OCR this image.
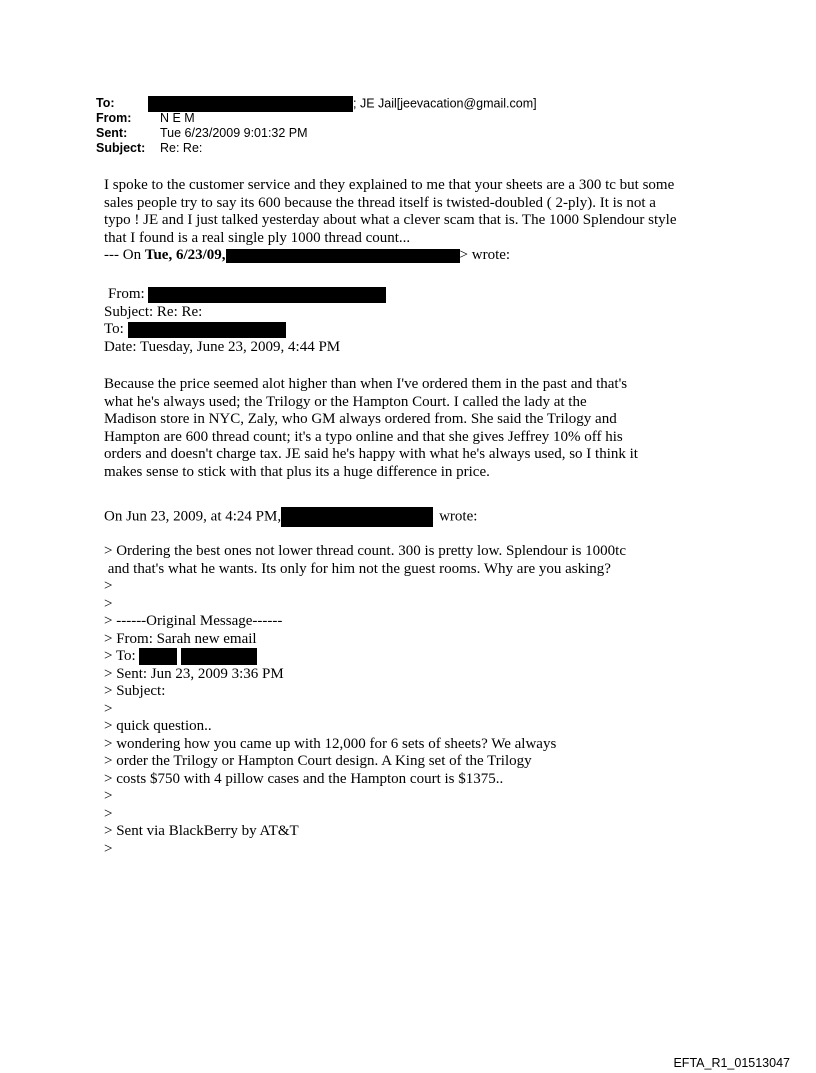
To:	; JE Jail[jeevacation@gmail.com]
From: N E M
Sent:	Tue 6/23/2009 9:01:32 PM
Subject: Re: Re:
I spoke to the customer service and they explained to me that your sheets are a 300 tc but some
sales people try to say its 600 because the thread itself is twisted-doubled ( 2-ply). It is not a
typo ! JE and I just talked yesterday about what a clever scam that is. The 1000 Splendour style
that I found is a real single ply 1000 thread count...
--- On Tue, 6/23/09,	> wrote:
From:
Subject: Re: Re:
To:
Date: Tuesday, June 23, 2009, 4:44 PM
Because the price seemed alot higher than when I've ordered them in the past and that's
what he's always used; the Trilogy or the Hampton Court. I called the lady at the
Madison store in NYC, Zaly, who GM always ordered from. She said the Trilogy and
Hampton are 600 thread count; it's a typo online and that she gives Jeffrey 10% off his
orders and doesn't charge tax. JE said he's happy with what he's always used, so I think it
makes sense to stick with that plus its a huge difference in price.
On Jun 23, 2009, at 4:24 PM,	wrote:
> Ordering the best ones not lower thread count. 300 is pretty low. Splendour is 1000tc
and that's what he wants. Its only for him not the guest rooms. Why are you asking?
>
>
> ------Original Message------
> From: Sarah new email
> To:
> Sent: Jun 23, 2009 3:36 PM
> Subject:
>
> quick question..
> wondering how you came up with 12,000 for 6 sets of sheets? We always
> order the Trilogy or Hampton Court design. A King set of the Trilogy
> costs $750 with 4 pillow cases and the Hampton court is $1375..
>
>
> Sent via BlackBerry by AT&T
>
EFTA_R1_01513047
